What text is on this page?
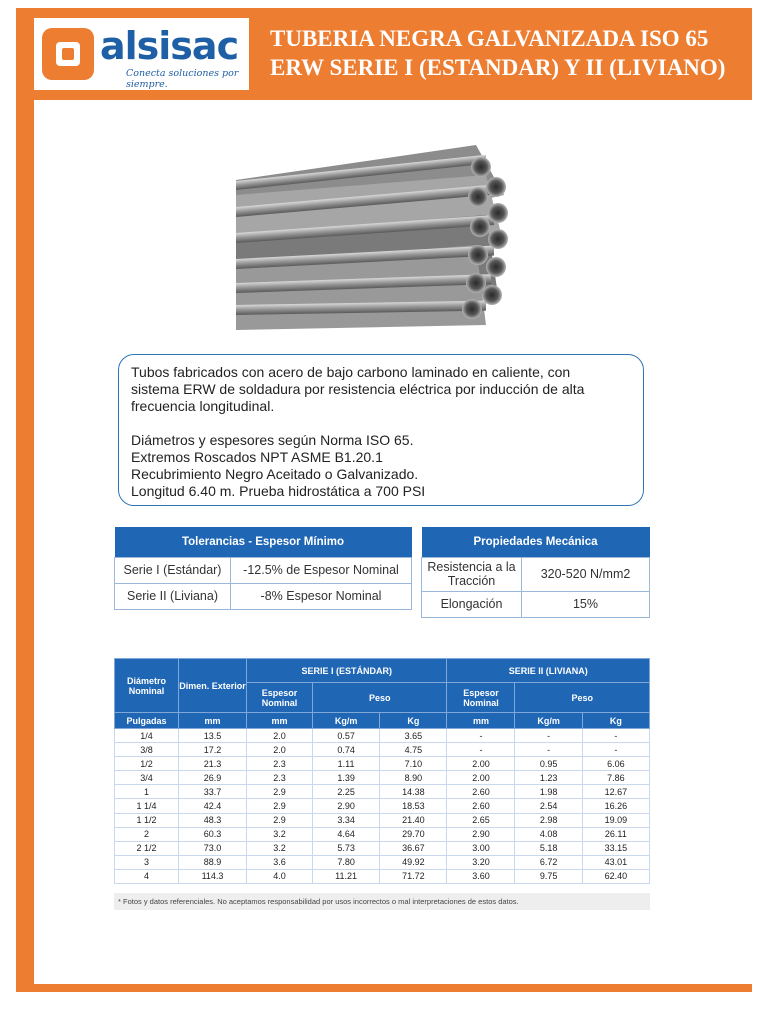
alsisac
Conecta soluciones por siempre.
TUBERIA NEGRA GALVANIZADA ISO 65
ERW SERIE I (ESTANDAR) Y II (LIVIANO)

Tubos fabricados con acero de bajo carbono laminado en caliente, con
sistema ERW de soldadura por resistencia eléctrica por inducción de alta
frecuencia longitudinal.

Diámetros y espesores según Norma ISO 65.
Extremos Roscados NPT ASME B1.20.1
Recubrimiento Negro Aceitado o Galvanizado.
Longitud 6.40 m. Prueba hidrostática a 700 PSI

Tolerancias - Espesor Mínimo	
Serie I (Estándar)	-12.5% de Espesor Nominal
Serie II (Liviana)	-8% Espesor Nominal
Propiedades Mecánica	
Resistencia a la Tracción	320-520 N/mm2
Elongación	15%
Diámetro Nominal	Dimen. Exterior	SERIE I (ESTÁNDAR)			SERIE II (LIVIANA)		
		Espesor Nominal	Peso		Espesor Nominal	Peso	
Pulgadas	mm	mm	Kg/m	Kg	mm	Kg/m	Kg
1/4	13.5	2.0	0.57	3.65	-	-	-
3/8	17.2	2.0	0.74	4.75	-	-	-
1/2	21.3	2.3	1.11	7.10	2.00	0.95	6.06
3/4	26.9	2.3	1.39	8.90	2.00	1.23	7.86
1	33.7	2.9	2.25	14.38	2.60	1.98	12.67
1 1/4	42.4	2.9	2.90	18.53	2.60	2.54	16.26
1 1/2	48.3	2.9	3.34	21.40	2.65	2.98	19.09
2	60.3	3.2	4.64	29.70	2.90	4.08	26.11
2 1/2	73.0	3.2	5.73	36.67	3.00	5.18	33.15
3	88.9	3.6	7.80	49.92	3.20	6.72	43.01
4	114.3	4.0	11.21	71.72	3.60	9.75	62.40
* Fotos y datos referenciales. No aceptamos responsabilidad por usos incorrectos o mal interpretaciones de estos datos.
